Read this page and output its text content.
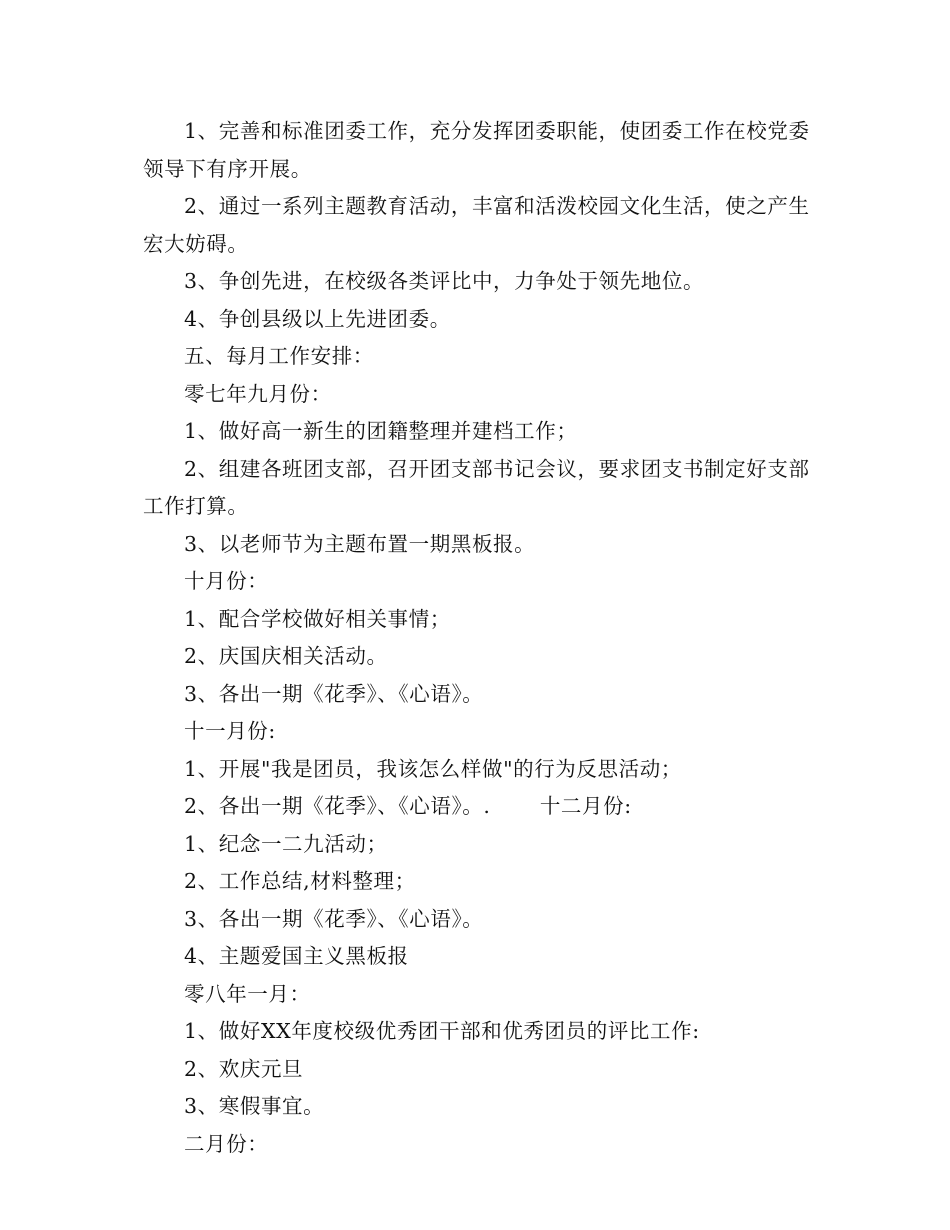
1、完善和标准团委工作，充分发挥团委职能，使团委工作在校党委领导下有序开展。

2、通过一系列主题教育活动，丰富和活泼校园文化生活，使之产生宏大妨碍。

3、争创先进，在校级各类评比中，力争处于领先地位。

4、争创县级以上先进团委。

五、每月工作安排：

零七年九月份：

1、做好高一新生的团籍整理并建档工作；

2、组建各班团支部，召开团支部书记会议，要求团支书制定好支部工作打算。

3、以老师节为主题布置一期黑板报。

十月份：

1、配合学校做好相关事情；

2、庆国庆相关活动。

3、各出一期《花季》、《心语》。

十一月份:

1、开展"我是团员，我该怎么样做"的行为反思活动；

2、各出一期《花季》、《心语》。.　　 十二月份:

1、纪念一二九活动；

2、工作总结,材料整理；

3、各出一期《花季》、《心语》。

4、主题爱国主义黑板报

零八年一月：

1、做好XX年度校级优秀团干部和优秀团员的评比工作:

2、欢庆元旦

3、寒假事宜。

二月份：
